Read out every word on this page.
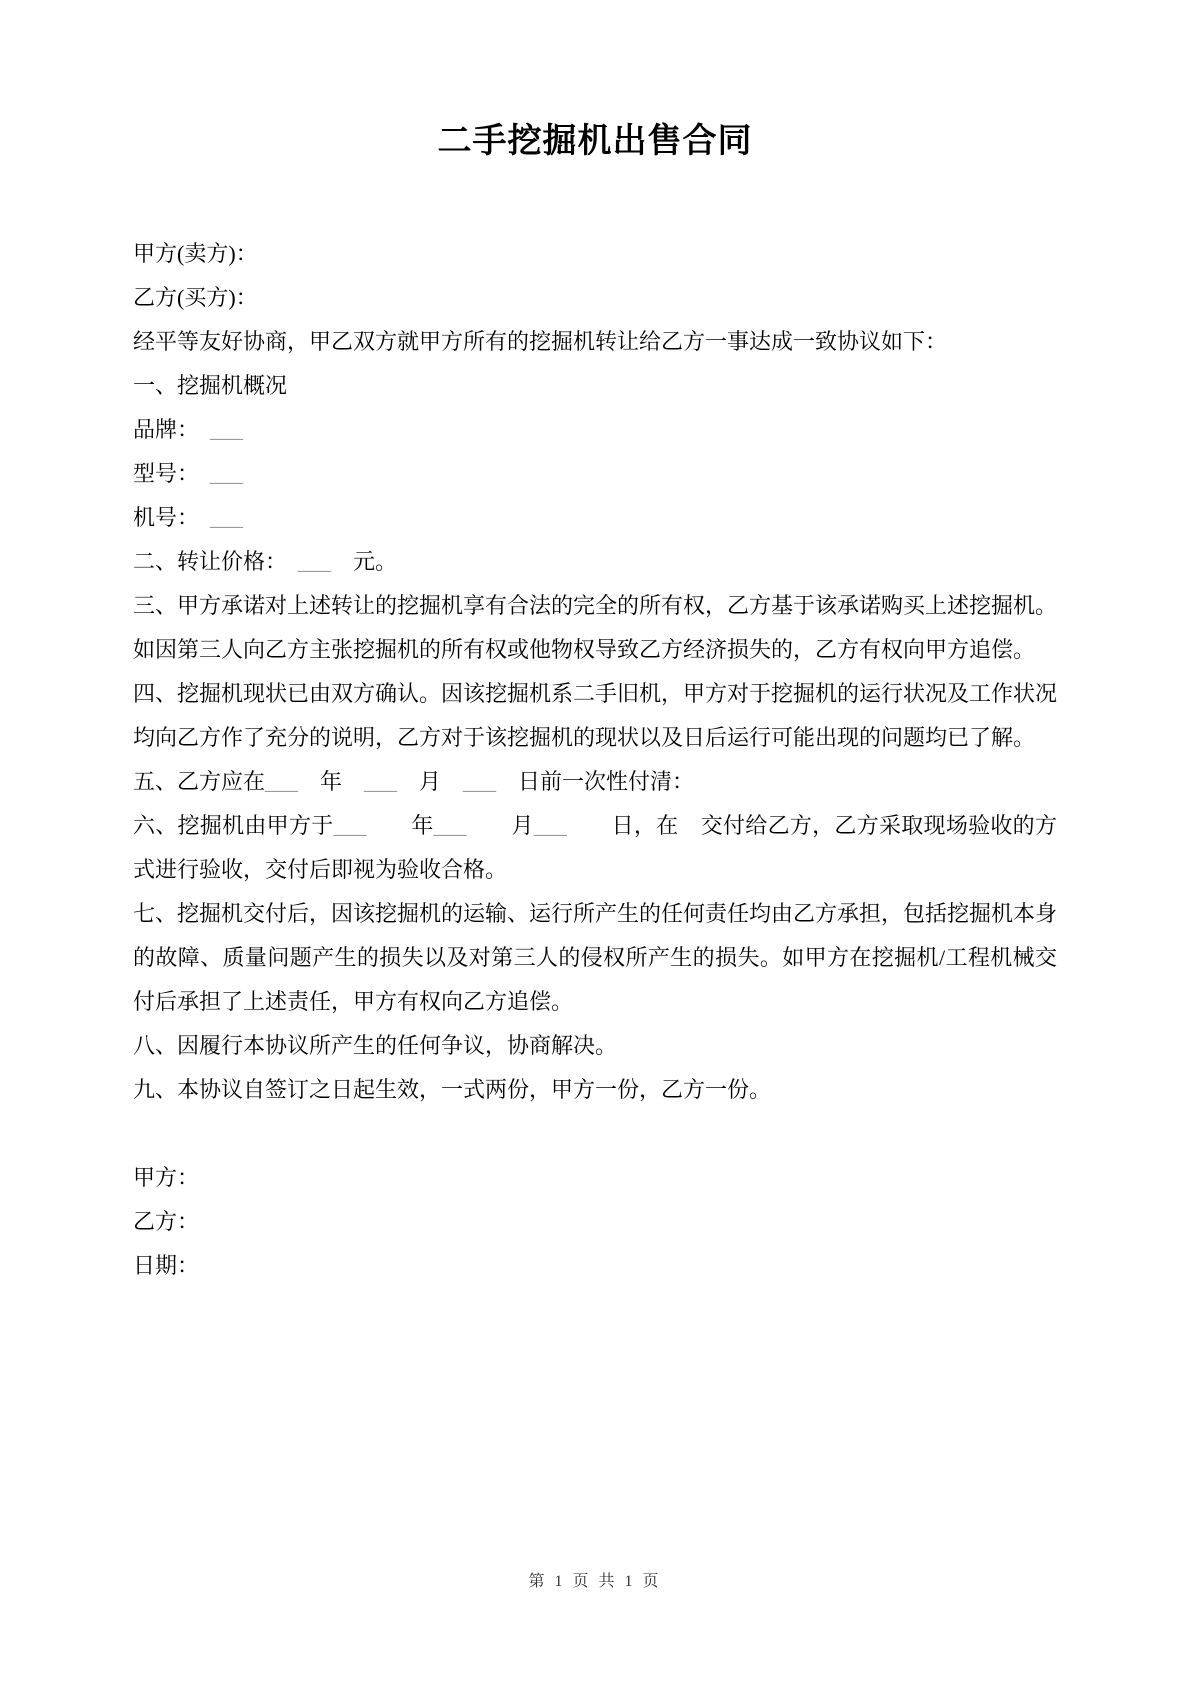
二手挖掘机出售合同
甲方(卖方)：
乙方(买方)：
经平等友好协商，甲乙双方就甲方所有的挖掘机转让给乙方一事达成一致协议如下：
一、挖掘机概况
品牌：　___
型号：　___
机号：　___
二、转让价格：　___　元。
三、甲方承诺对上述转让的挖掘机享有合法的完全的所有权，乙方基于该承诺购买上述挖掘机。如因第三人向乙方主张挖掘机的所有权或他物权导致乙方经济损失的，乙方有权向甲方追偿。
四、挖掘机现状已由双方确认。因该挖掘机系二手旧机，甲方对于挖掘机的运行状况及工作状况均向乙方作了充分的说明，乙方对于该挖掘机的现状以及日后运行可能出现的问题均已了解。
五、乙方应在___　年　___　月　___　日前一次性付清：
六、挖掘机由甲方于___　　年___　　月___　　日，在　交付给乙方，乙方采取现场验收的方式进行验收，交付后即视为验收合格。
七、挖掘机交付后，因该挖掘机的运输、运行所产生的任何责任均由乙方承担，包括挖掘机本身的故障、质量问题产生的损失以及对第三人的侵权所产生的损失。如甲方在挖掘机/工程机械交付后承担了上述责任，甲方有权向乙方追偿。
八、因履行本协议所产生的任何争议，协商解决。
九、本协议自签订之日起生效，一式两份，甲方一份，乙方一份。
甲方：
乙方：
日期：
第 1 页 共 1 页
